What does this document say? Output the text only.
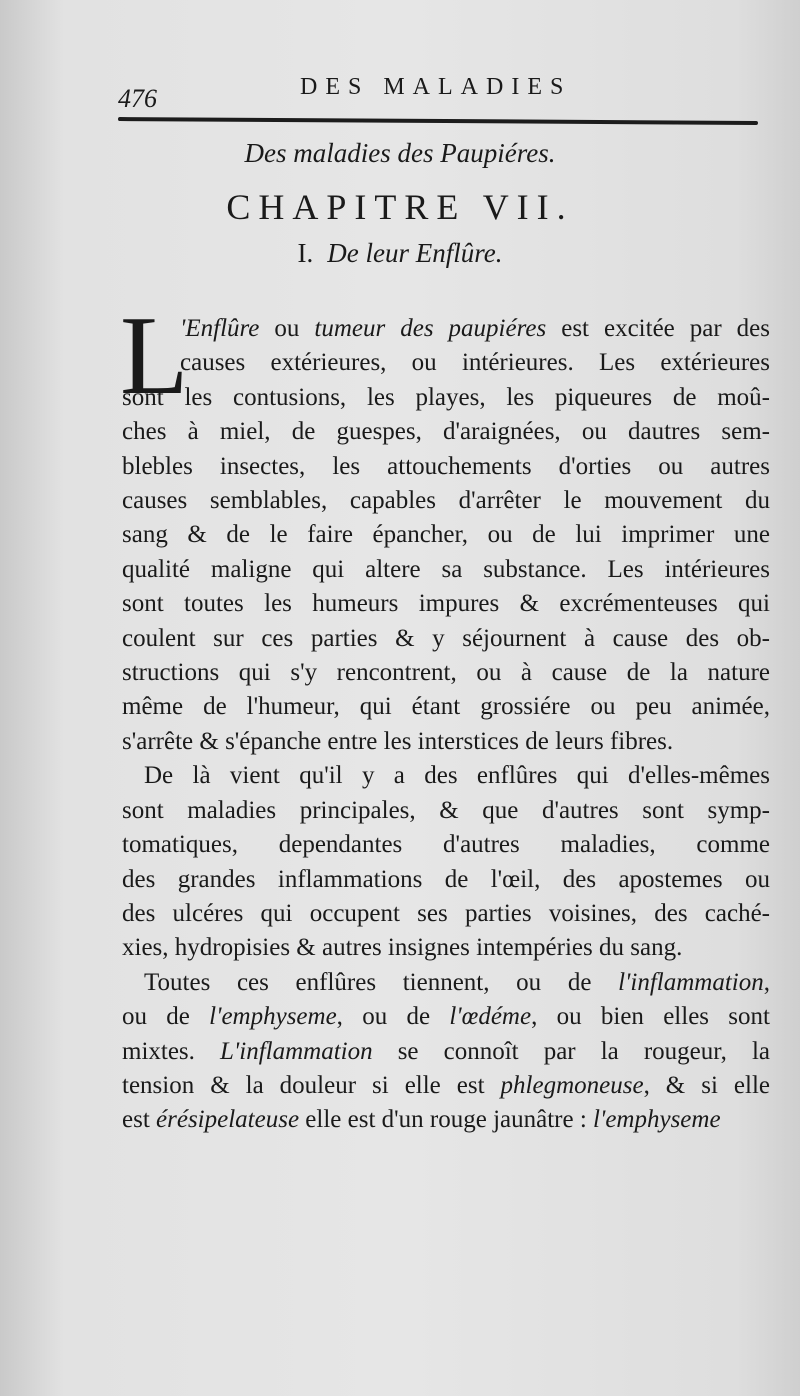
476	DES MALADIES
Des maladies des Paupiéres.
CHAPITRE VII.
I. De leur Enflûre.
L
'Enflûre ou tumeur des paupiéres est excitée par des
causes extérieures, ou intérieures. Les extérieures
sont les contusions, les playes, les piqueures de moû-
ches à miel, de guespes, d'araignées, ou dautres sem-
blebles insectes, les attouchements d'orties ou autres
causes semblables, capables d'arrêter le mouvement du
sang & de le faire épancher, ou de lui imprimer une
qualité maligne qui altere sa substance. Les intérieures
sont toutes les humeurs impures & excrémenteuses qui
coulent sur ces parties & y séjournent à cause des ob-
structions qui s'y rencontrent, ou à cause de la nature
même de l'humeur, qui étant grossiére ou peu animée,
s'arrête & s'épanche entre les interstices de leurs fibres.
De là vient qu'il y a des enflûres qui d'elles-mêmes
sont maladies principales, & que d'autres sont symp-
tomatiques, dependantes d'autres maladies, comme
des grandes inflammations de l'œil, des apostemes ou
des ulcéres qui occupent ses parties voisines, des caché-
xies, hydropisies & autres insignes intempéries du sang.
Toutes ces enflûres tiennent, ou de l'inflammation,
ou de l'emphyseme, ou de l'œdéme, ou bien elles sont
mixtes. L'inflammation se connoît par la rougeur, la
tension & la douleur si elle est phlegmoneuse, & si elle
est érésipelateuse elle est d'un rouge jaunâtre : l'emphyseme
